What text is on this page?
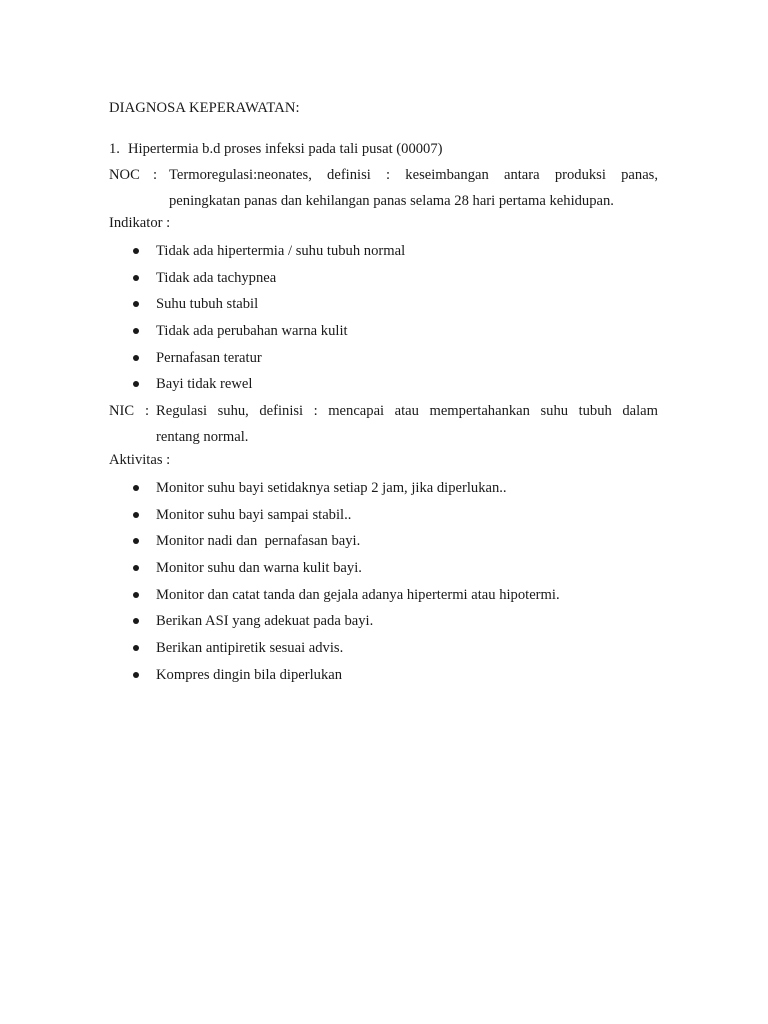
DIAGNOSA KEPERAWATAN:
1. Hipertermia b.d proses infeksi pada tali pusat (00007)
NOC : Termoregulasi:neonates, definisi : keseimbangan antara produksi panas,
peningkatan panas dan kehilangan panas selama 28 hari pertama kehidupan.
Indikator :
Tidak ada hipertermia / suhu tubuh normal
Tidak ada tachypnea
Suhu tubuh stabil
Tidak ada perubahan warna kulit
Pernafasan teratur
Bayi tidak rewel
NIC : Regulasi suhu, definisi : mencapai atau mempertahankan suhu tubuh dalam
rentang normal.
Aktivitas :
Monitor suhu bayi setidaknya setiap 2 jam, jika diperlukan..
Monitor suhu bayi sampai stabil..
Monitor nadi dan  pernafasan bayi.
Monitor suhu dan warna kulit bayi.
Monitor dan catat tanda dan gejala adanya hipertermi atau hipotermi.
Berikan ASI yang adekuat pada bayi.
Berikan antipiretik sesuai advis.
Kompres dingin bila diperlukan
